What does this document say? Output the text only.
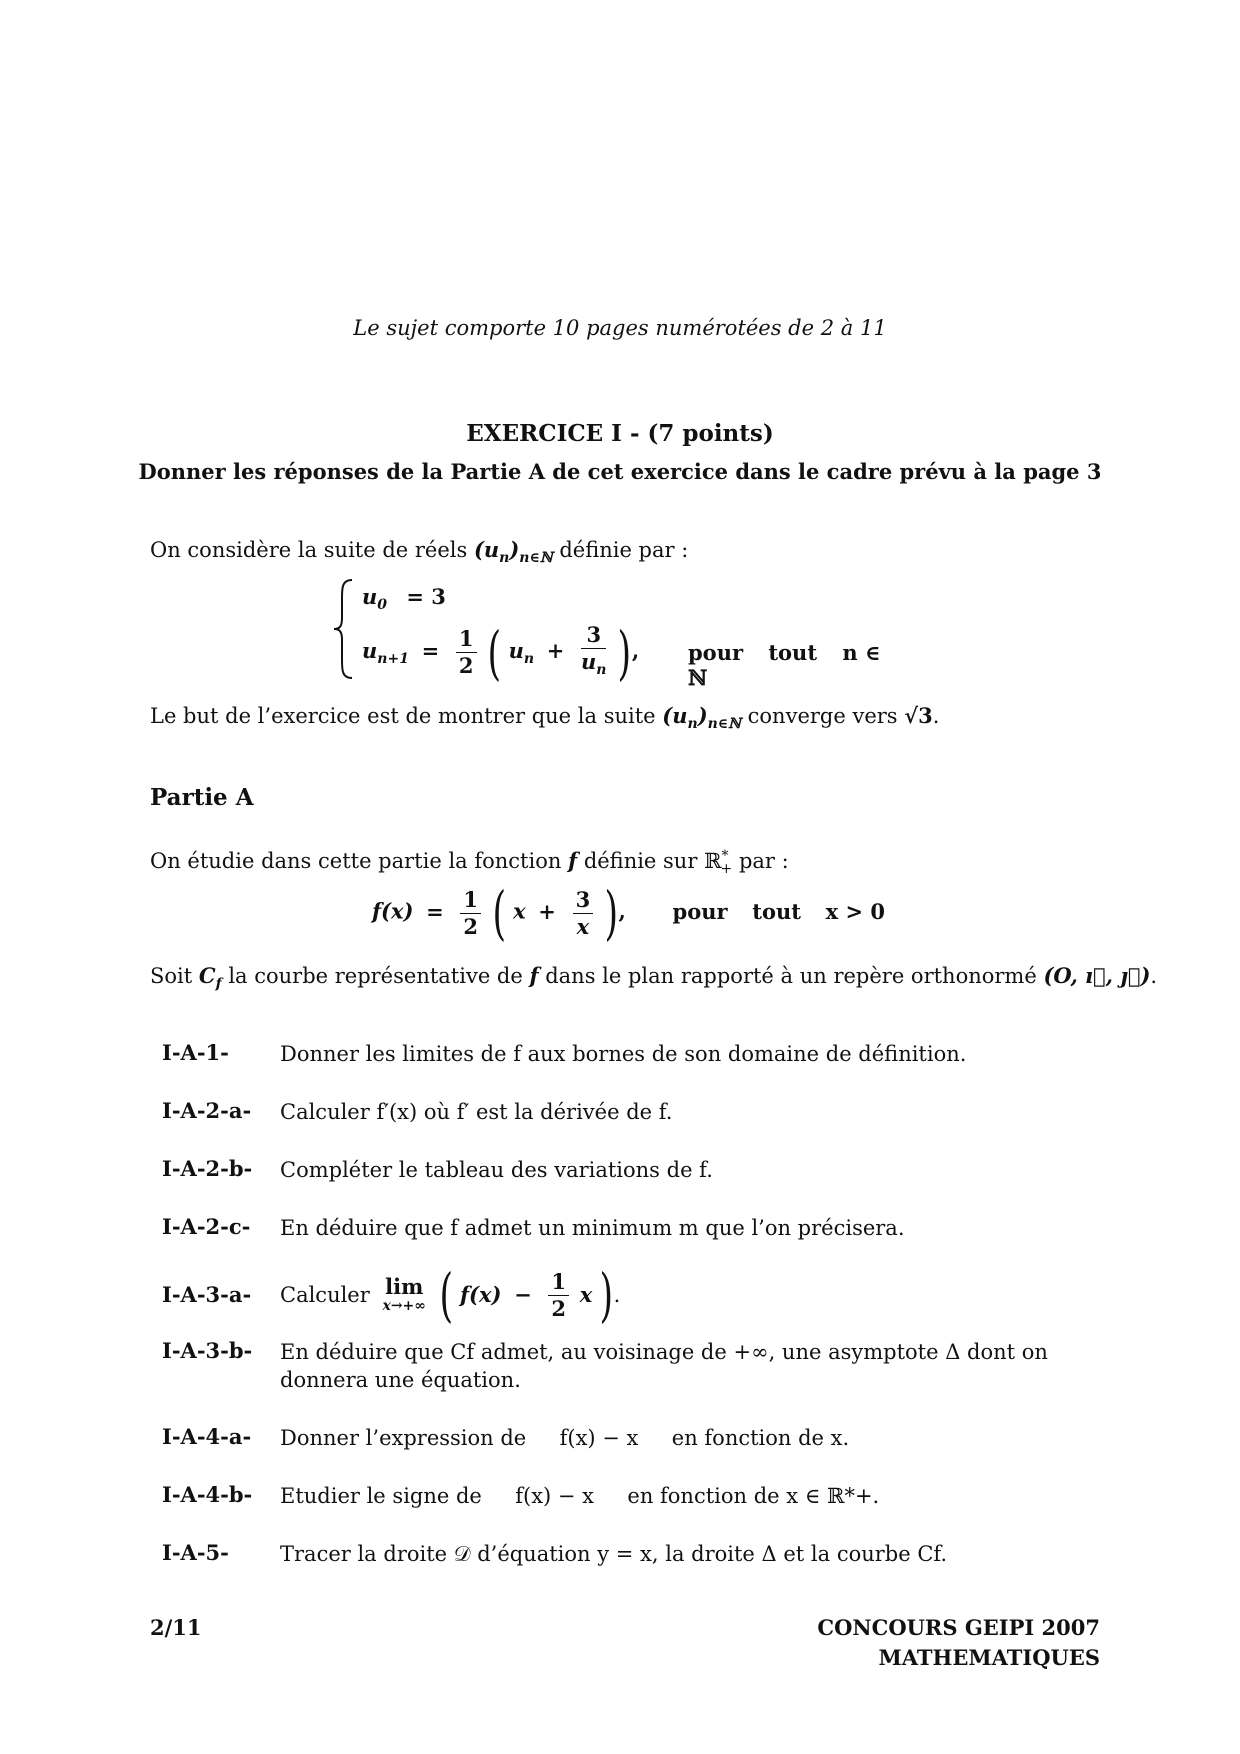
Le sujet comporte 10 pages numérotées de 2 à 11
EXERCICE I - (7 points)
Donner les réponses de la Partie A de cet exercice dans le cadre prévu à la page 3
On considère la suite de réels $(u_n)_{n\in ℕ}$ définie par :
$u_0 = 3$
$u_{n+1} = \frac{1}{2}$ ( $u_n + \frac{3}{u_n}$ ), pour tout n ∈ ℕ
Le but de l’exercice est de montrer que la suite $(u_n)_{n\in ℕ}$ converge vers √3.
Partie A
On étudie dans cette partie la fonction f définie sur ℝ*$_+$ par :
$f(x) = \frac{1}{2}$ ( $x + \frac{3}{x}$ ), pour tout x > 0
Soit $C_f$ la courbe représentative de f dans le plan rapporté à un repère orthonormé (O, ı⃗, ȷ⃗).
I-A-1- Donner les limites de f aux bornes de son domaine de définition.
I-A-2-a- Calculer f′(x) où f′ est la dérivée de f.
I-A-2-b- Compléter le tableau des variations de f.
I-A-2-c- En déduire que f admet un minimum m que l’on précisera.
I-A-3-a- Calculer lim
x→+∞ ( $f(x) - \frac{1}{2}$ x ).
I-A-3-b- En déduire que Cf admet, au voisinage de +∞, une asymptote Δ dont on donnera une équation.
I-A-4-a- Donner l’expression de     f(x) − x     en fonction de x.
I-A-4-b- Etudier le signe de     f(x) − x     en fonction de x ∈ ℝ*+.
I-A-5- Tracer la droite 𝒟 d’équation y = x, la droite Δ et la courbe Cf.
2/11	CONCOURS GEIPI 2007
MATHEMATIQUES
